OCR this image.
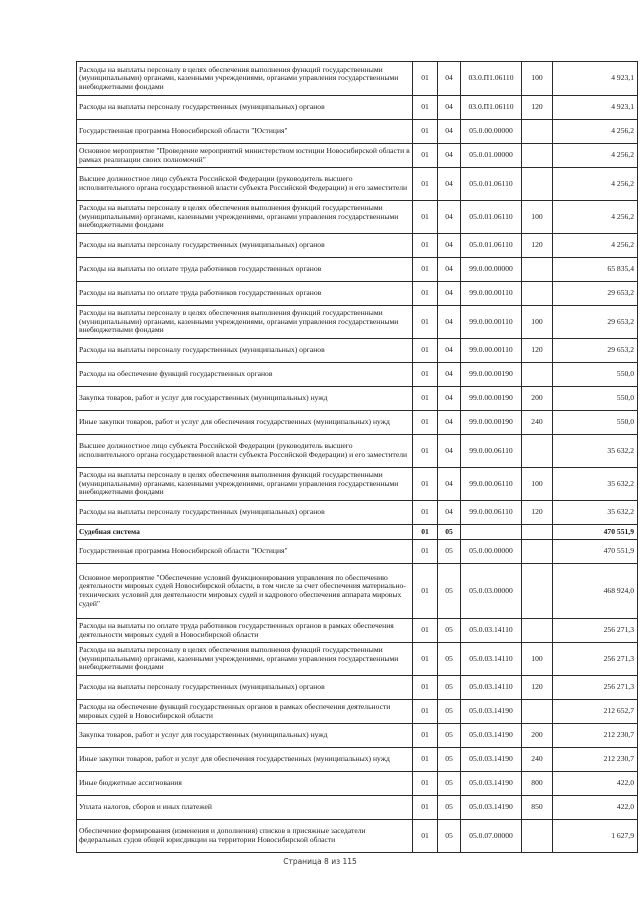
Расходы на выплаты персоналу в целях обеспечения выполнения функций государственными (муниципальными) органами, казенными учреждениями, органами управления государственными внебюджетными фондами	01	04	03.0.П1.06110	100	4 923,1
Расходы на выплаты персоналу государственных (муниципальных) органов	01	04	03.0.П1.06110	120	4 923,1
Государственная программа Новосибирской области "Юстиция"	01	04	05.0.00.00000		4 256,2
Основное мероприятие "Проведение мероприятий министерством юстиции Новосибирской области в рамках реализации своих полномочий"	01	04	05.0.01.00000		4 256,2
Высшее должностное лицо субъекта Российской Федерации (руководитель высшего исполнительного органа государственной власти субъекта Российской Федерации) и его заместители	01	04	05.0.01.06110		4 256,2
Расходы на выплаты персоналу в целях обеспечения выполнения функций государственными (муниципальными) органами, казенными учреждениями, органами управления государственными внебюджетными фондами	01	04	05.0.01.06110	100	4 256,2
Расходы на выплаты персоналу государственных (муниципальных) органов	01	04	05.0.01.06110	120	4 256,2
Расходы на выплаты по оплате труда работников государственных органов	01	04	99.0.00.00000		65 835,4
Расходы на выплаты по оплате труда работников государственных органов	01	04	99.0.00.00110		29 653,2
Расходы на выплаты персоналу в целях обеспечения выполнения функций государственными (муниципальными) органами, казенными учреждениями, органами управления государственными внебюджетными фондами	01	04	99.0.00.00110	100	29 653,2
Расходы на выплаты персоналу государственных (муниципальных) органов	01	04	99.0.00.00110	120	29 653,2
Расходы на обеспечение функций государственных органов	01	04	99.0.00.00190		550,0
Закупка товаров, работ и услуг для государственных (муниципальных) нужд	01	04	99.0.00.00190	200	550,0
Иные закупки товаров, работ и услуг для обеспечения государственных (муниципальных) нужд	01	04	99.0.00.00190	240	550,0
Высшее должностное лицо субъекта Российской Федерации (руководитель высшего исполнительного органа государственной власти субъекта Российской Федерации) и его заместители	01	04	99.0.00.06110		35 632,2
Расходы на выплаты персоналу в целях обеспечения выполнения функций государственными (муниципальными) органами, казенными учреждениями, органами управления государственными внебюджетными фондами	01	04	99.0.00.06110	100	35 632,2
Расходы на выплаты персоналу государственных (муниципальных) органов	01	04	99.0.00.06110	120	35 632,2
Судебная система	01	05			470 551,9
Государственная программа Новосибирской области "Юстиция"	01	05	05.0.00.00000		470 551,9
Основное мероприятие "Обеспечение условий функционирования управления по обеспечению деятельности мировых судей Новосибирской области, в том числе за счет обеспечения материально-технических условий для деятельности мировых судей и кадрового обеспечения аппарата мировых судей"	01	05	05.0.03.00000		468 924,0
Расходы на выплаты по оплате труда работников государственных органов в рамках обеспечения деятельности мировых судей в Новосибирской области	01	05	05.0.03.14110		256 271,3
Расходы на выплаты персоналу в целях обеспечения выполнения функций государственными (муниципальными) органами, казенными учреждениями, органами управления государственными внебюджетными фондами	01	05	05.0.03.14110	100	256 271,3
Расходы на выплаты персоналу государственных (муниципальных) органов	01	05	05.0.03.14110	120	256 271,3
Расходы на обеспечение функций государственных органов в рамках обеспечения деятельности мировых судей в Новосибирской области	01	05	05.0.03.14190		212 652,7
Закупка товаров, работ и услуг для государственных (муниципальных) нужд	01	05	05.0.03.14190	200	212 230,7
Иные закупки товаров, работ и услуг для обеспечения государственных (муниципальных) нужд	01	05	05.0.03.14190	240	212 230,7
Иные бюджетные ассигнования	01	05	05.0.03.14190	800	422,0
Уплата налогов, сборов и иных платежей	01	05	05.0.03.14190	850	422,0
Обеспечение формирования (изменения и дополнения) списков в присяжные заседатели федеральных судов общей юрисдикции на территории Новосибирской области	01	05	05.0.07.00000		1 627,9
Страница 8 из 115
